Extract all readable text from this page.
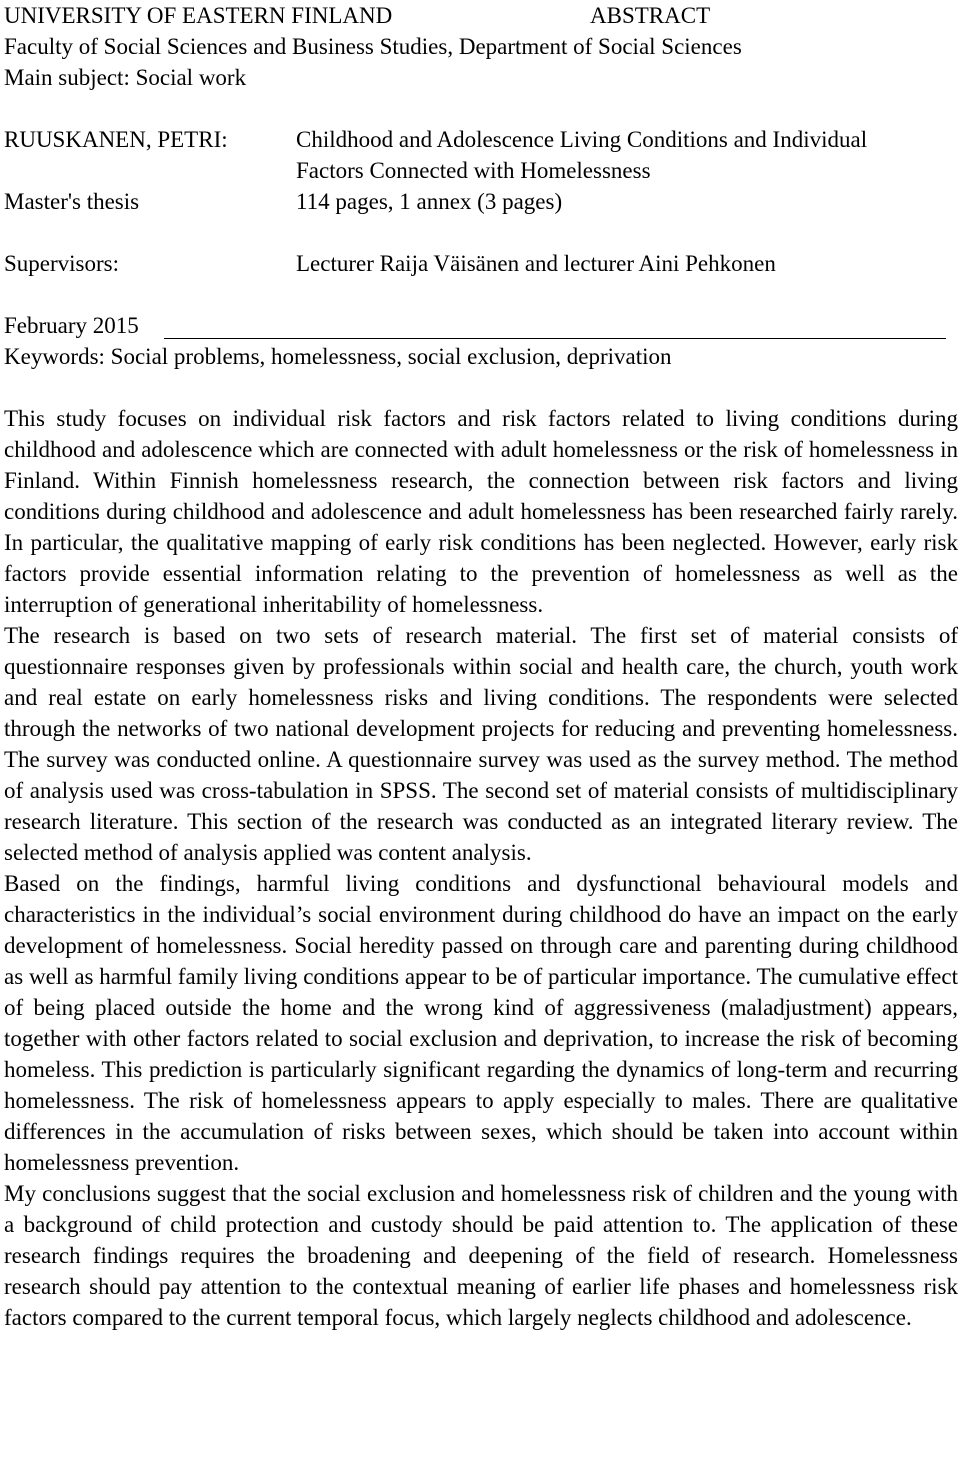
UNIVERSITY OF EASTERN FINLAND	ABSTRACT
Faculty of Social Sciences and Business Studies, Department of Social Sciences
Main subject: Social work
RUUSKANEN, PETRI:	Childhood and Adolescence Living Conditions and Individual
Factors Connected with Homelessness
Master's thesis	114 pages, 1 annex (3 pages)
Supervisors:	Lecturer Raija Väisänen and lecturer Aini Pehkonen
February 2015
Keywords: Social problems, homelessness, social exclusion, deprivation

This study focuses on individual risk factors and risk factors related to living conditions during childhood and adolescence which are connected with adult homelessness or the risk of homelessness in Finland. Within Finnish homelessness research, the connection between risk factors and living conditions during childhood and adolescence and adult homelessness has been researched fairly rarely. In particular, the qualitative mapping of early risk conditions has been neglected. However, early risk factors provide essential information relating to the prevention of homelessness as well as the interruption of generational inheritability of homelessness.

The research is based on two sets of research material. The first set of material consists of questionnaire responses given by professionals within social and health care, the church, youth work and real estate on early homelessness risks and living conditions. The respondents were selected through the networks of two national development projects for reducing and preventing homelessness. The survey was conducted online. A questionnaire survey was used as the survey method. The method of analysis used was cross-tabulation in SPSS. The second set of material consists of multidisciplinary research literature. This section of the research was conducted as an integrated literary review. The selected method of analysis applied was content analysis.

Based on the findings, harmful living conditions and dysfunctional behavioural models and characteristics in the individual’s social environment during childhood do have an impact on the early development of homelessness. Social heredity passed on through care and parenting during childhood as well as harmful family living conditions appear to be of particular importance. The cumulative effect of being placed outside the home and the wrong kind of aggressiveness (maladjustment) appears, together with other factors related to social exclusion and deprivation, to increase the risk of becoming homeless. This prediction is particularly significant regarding the dynamics of long-term and recurring homelessness. The risk of homelessness appears to apply especially to males. There are qualitative differences in the accumulation of risks between sexes, which should be taken into account within homelessness prevention.

My conclusions suggest that the social exclusion and homelessness risk of children and the young with a background of child protection and custody should be paid attention to. The application of these research findings requires the broadening and deepening of the field of research. Homelessness research should pay attention to the contextual meaning of earlier life phases and homelessness risk factors compared to the current temporal focus, which largely neglects childhood and adolescence.
